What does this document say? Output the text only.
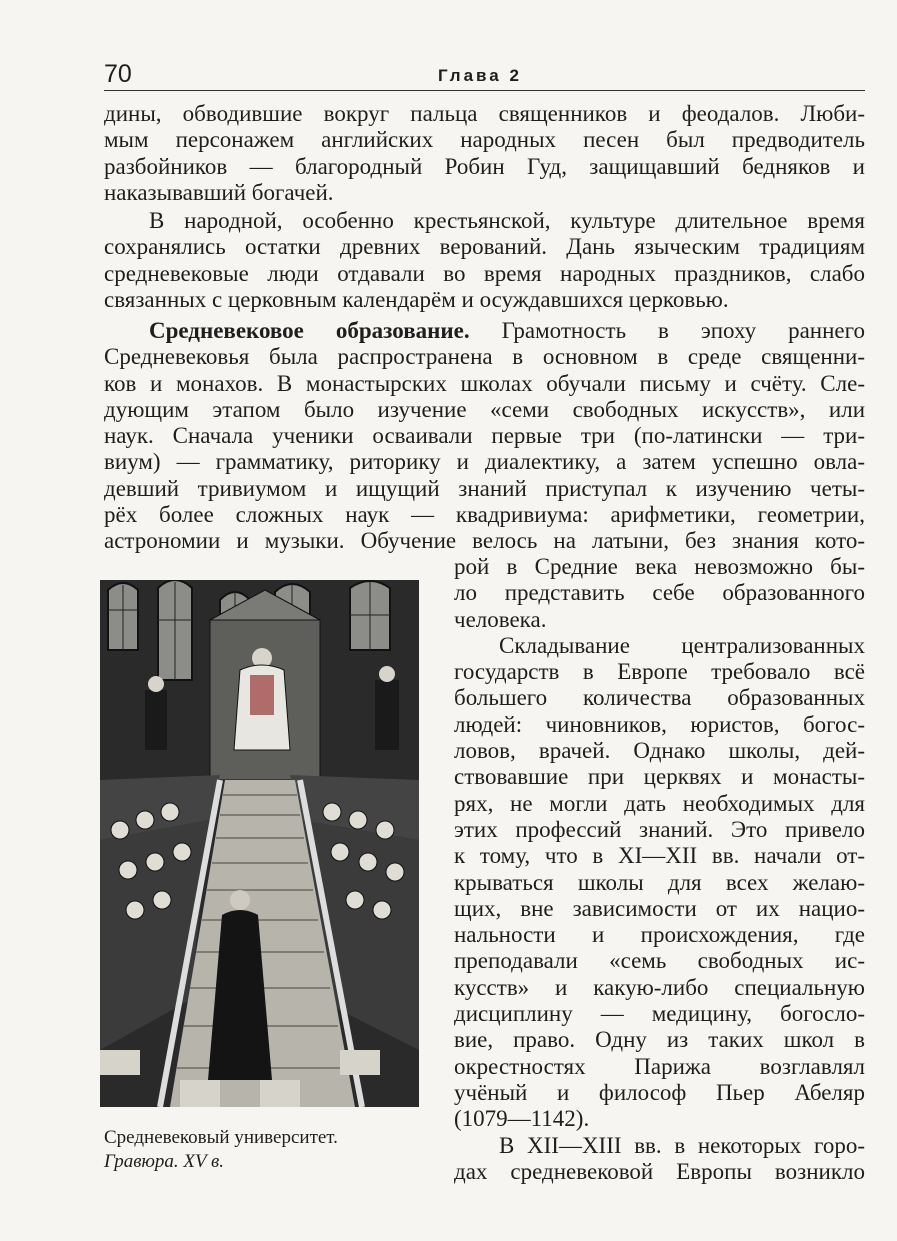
70	Глава 2
дины, обводившие вокруг пальца священников и феодалов. Люби-
мым персонажем английских народных песен был предводитель
разбойников — благородный Робин Гуд, защищавший бедняков и
наказывавший богачей.
В народной, особенно крестьянской, культуре длительное время
сохранялись остатки древних верований. Дань языческим традициям
средневековые люди отдавали во время народных праздников, слабо
связанных с церковным календарём и осуждавшихся церковью.
Средневековое образование. Грамотность в эпоху раннего
Средневековья была распространена в основном в среде священни-
ков и монахов. В монастырских школах обучали письму и счёту. Сле-
дующим этапом было изучение «семи свободных искусств», или
наук. Сначала ученики осваивали первые три (по-латински — три-
виум) — грамматику, риторику и диалектику, а затем успешно овла-
девший тривиумом и ищущий знаний приступал к изучению четы-
рёх более сложных наук — квадривиума: арифметики, геометрии,
астрономии и музыки. Обучение велось на латыни, без знания кото-
рой в Средние века невозможно бы-
ло представить себе образованного
человека.
Складывание централизованных
государств в Европе требовало всё
большего количества образованных
людей: чиновников, юристов, богос-
ловов, врачей. Однако школы, дей-
ствовавшие при церквях и монасты-
рях, не могли дать необходимых для
этих профессий знаний. Это привело
к тому, что в XI—XII вв. начали от-
крываться школы для всех желаю-
щих, вне зависимости от их нацио-
нальности и происхождения, где
преподавали «семь свободных ис-
кусств» и какую-либо специальную
дисциплину — медицину, богосло-
вие, право. Одну из таких школ в
окрестностях Парижа возглавлял
учёный и философ Пьер Абеляр
(1079—1142).
В XII—XIII вв. в некоторых горо-
дах средневековой Европы возникло
Средневековый университет.
Гравюра. XV в.
